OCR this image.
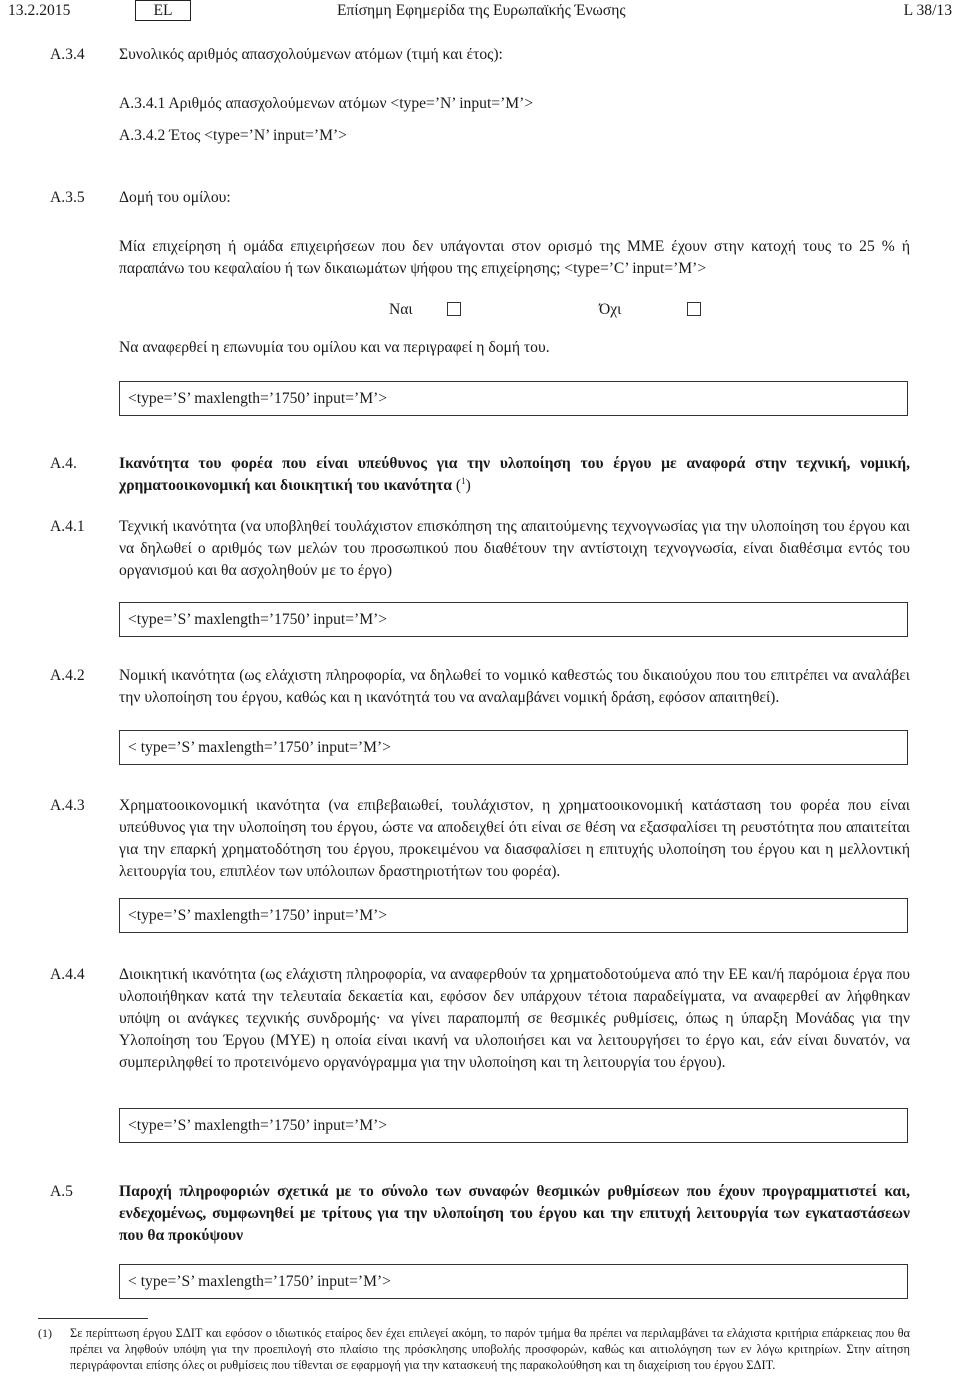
13.2.2015	EL	Επίσημη Εφημερίδα της Ευρωπαϊκής Ένωσης	L 38/13
Α.3.4	Συνολικός αριθμός απασχολούμενων ατόμων (τιμή και έτος):
Α.3.4.1 Αριθμός απασχολούμενων ατόμων <type=’N’ input=’M’>
Α.3.4.2 Έτος <type=’N’ input=’M’>
Α.3.5	Δομή του ομίλου:
Μία επιχείρηση ή ομάδα επιχειρήσεων που δεν υπάγονται στον ορισμό της ΜΜΕ έχουν στην κατοχή τους το 25 % ή παραπάνω του κεφαλαίου ή των δικαιωμάτων ψήφου της επιχείρησης; <type=’C’ input=’M’>
Ναι	Όχι
Να αναφερθεί η επωνυμία του ομίλου και να περιγραφεί η δομή του.
<type=’S’ maxlength=’1750’ input=’M’>
Α.4.	Ικανότητα του φορέα που είναι υπεύθυνος για την υλοποίηση του έργου με αναφορά στην τεχνική, νομική, χρηματοοικονομική και διοικητική του ικανότητα ($^1$)
Α.4.1	Τεχνική ικανότητα (να υποβληθεί τουλάχιστον επισκόπηση της απαιτούμενης τεχνογνωσίας για την υλοποίηση του έργου και να δηλωθεί ο αριθμός των μελών του προσωπικού που διαθέτουν την αντίστοιχη τεχνογνωσία, είναι διαθέσιμα εντός του οργανισμού και θα ασχοληθούν με το έργο)
<type=’S’ maxlength=’1750’ input=’M’>
Α.4.2	Νομική ικανότητα (ως ελάχιστη πληροφορία, να δηλωθεί το νομικό καθεστώς του δικαιούχου που του επιτρέπει να αναλάβει την υλοποίηση του έργου, καθώς και η ικανότητά του να αναλαμβάνει νομική δράση, εφόσον απαιτηθεί).
< type=’S’ maxlength=’1750’ input=’M’>
Α.4.3	Χρηματοοικονομική ικανότητα (να επιβεβαιωθεί, τουλάχιστον, η χρηματοοικονομική κατάσταση του φορέα που είναι υπεύθυνος για την υλοποίηση του έργου, ώστε να αποδειχθεί ότι είναι σε θέση να εξασφαλίσει τη ρευστότητα που απαιτείται για την επαρκή χρηματοδότηση του έργου, προκειμένου να διασφαλίσει η επιτυχής υλοποίηση του έργου και η μελλοντική λειτουργία του, επιπλέον των υπόλοιπων δραστηριοτήτων του φορέα).
<type=’S’ maxlength=’1750’ input=’M’>
Α.4.4	Διοικητική ικανότητα (ως ελάχιστη πληροφορία, να αναφερθούν τα χρηματοδοτούμενα από την ΕΕ και/ή παρόμοια έργα που υλοποιήθηκαν κατά την τελευταία δεκαετία και, εφόσον δεν υπάρχουν τέτοια παραδείγματα, να αναφερθεί αν λήφθηκαν υπόψη οι ανάγκες τεχνικής συνδρομής· να γίνει παραπομπή σε θεσμικές ρυθμίσεις, όπως η ύπαρξη Μονάδας για την Υλοποίηση του Έργου (ΜΥΕ) η οποία είναι ικανή να υλοποιήσει και να λειτουργήσει το έργο και, εάν είναι δυνατόν, να συμπεριληφθεί το προτεινόμενο οργανόγραμμα για την υλοποίηση και τη λειτουργία του έργου).
<type=’S’ maxlength=’1750’ input=’M’>
Α.5	Παροχή πληροφοριών σχετικά με το σύνολο των συναφών θεσμικών ρυθμίσεων που έχουν προγραμματιστεί και, ενδεχομένως, συμφωνηθεί με τρίτους για την υλοποίηση του έργου και την επιτυχή λειτουργία των εγκαταστάσεων που θα προκύψουν
< type=’S’ maxlength=’1750’ input=’M’>
(1) Σε περίπτωση έργου ΣΔΙΤ και εφόσον ο ιδιωτικός εταίρος δεν έχει επιλεγεί ακόμη, το παρόν τμήμα θα πρέπει να περιλαμβάνει τα ελάχιστα κριτήρια επάρκειας που θα πρέπει να ληφθούν υπόψη για την προεπιλογή στο πλαίσιο της πρόσκλησης υποβολής προσφορών, καθώς και αιτιολόγηση των εν λόγω κριτηρίων. Στην αίτηση περιγράφονται επίσης όλες οι ρυθμίσεις που τίθενται σε εφαρμογή για την κατασκευή της παρακολούθηση και τη διαχείριση του έργου ΣΔΙΤ.
